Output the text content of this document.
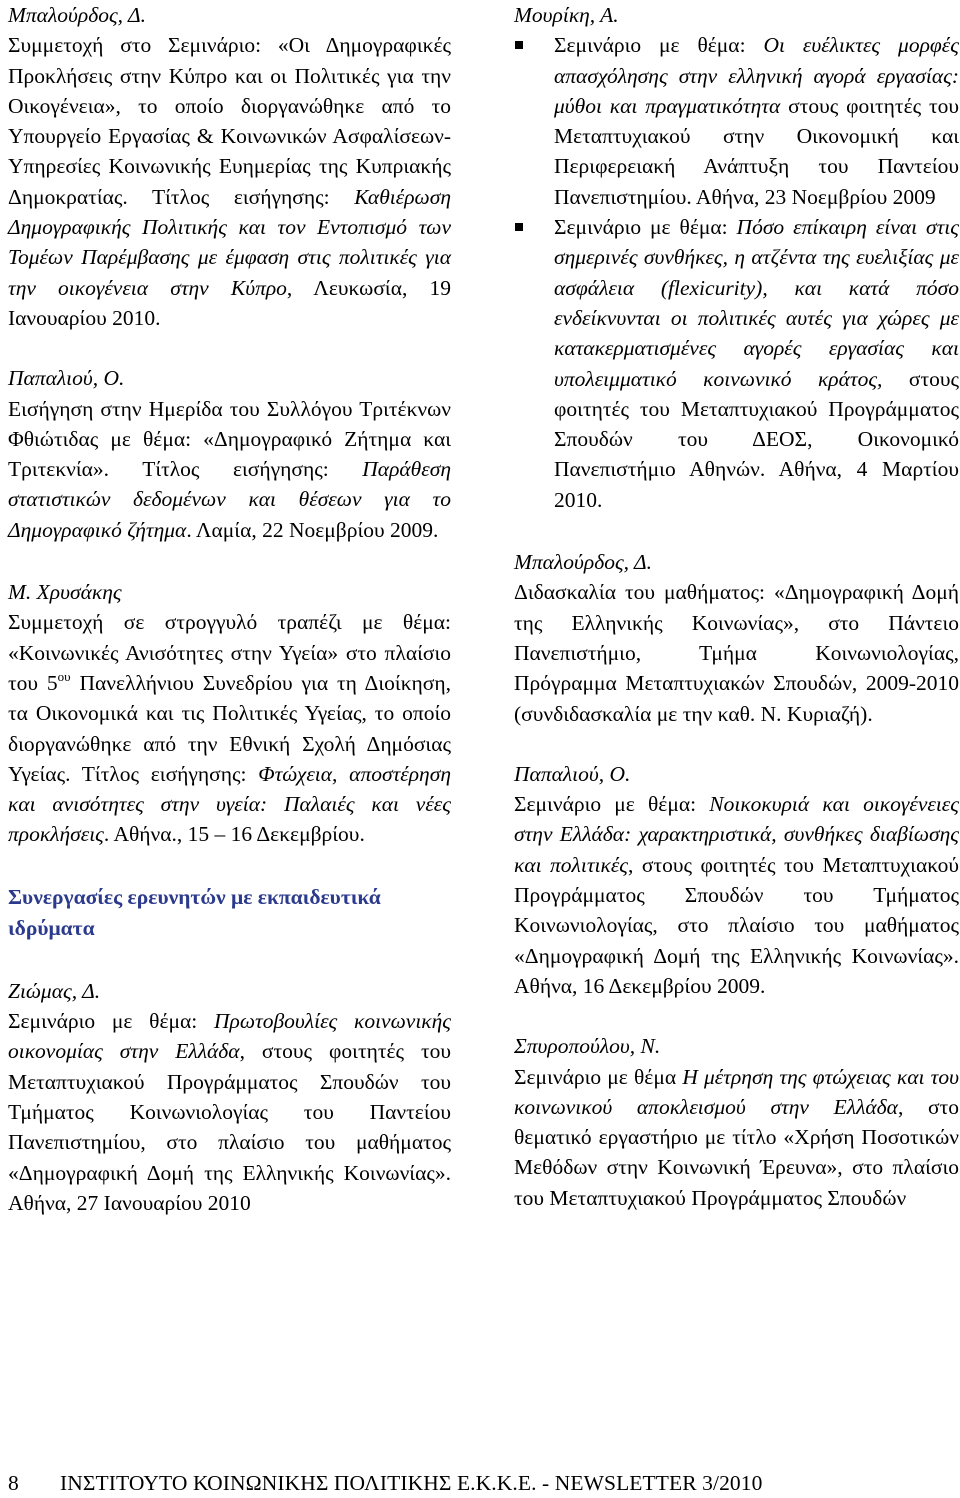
Μπαλούρδος, Δ.

Συμμετοχή στο Σεμινάριο: «Οι Δημογραφικές Προκλήσεις στην Κύπρο και οι Πολιτικές για την Οικογένεια», το οποίο διοργανώθηκε από το Υπουργείο Εργασίας & Κοινωνικών Ασφαλίσεων- Υπηρεσίες Κοινωνικής Ευημερίας της Κυπριακής Δημοκρατίας. Τίτλος εισήγησης: Καθιέρωση Δημογραφικής Πολιτικής και τον Εντοπισμό των Τομέων Παρέμβασης με έμφαση στις πολιτικές για την οικογένεια στην Κύπρο, Λευκωσία, 19 Ιανουαρίου 2010.

Παπαλιού, Ο.

Εισήγηση στην Ημερίδα του Συλλόγου Τριτέκνων Φθιώτιδας με θέμα: «Δημογραφικό Ζήτημα και Τριτεκνία». Τίτλος εισήγησης: Παράθεση στατιστικών δεδομένων και θέσεων για το Δημογραφικό ζήτημα. Λαμία, 22 Νοεμβρίου 2009.

Μ. Χρυσάκης

Συμμετοχή σε στρογγυλό τραπέζι με θέμα: «Κοινωνικές Ανισότητες στην Υγεία» στο πλαίσιο του $5^{o\upsilon}$ Πανελλήνιου Συνεδρίου για τη Διοίκηση, τα Οικονομικά και τις Πολιτικές Υγείας, το οποίο διοργανώθηκε από την Εθνική Σχολή Δημόσιας Υγείας. Τίτλος εισήγησης: Φτώχεια, αποστέρηση και ανισότητες στην υγεία: Παλαιές και νέες προκλήσεις. Αθήνα., 15 – 16 Δεκεμβρίου.

Συνεργασίες ερευνητών με εκπαιδευτικά ιδρύματα

Ζιώμας, Δ.

Σεμινάριο με θέμα: Πρωτοβουλίες κοινωνικής οικονομίας στην Ελλάδα, στους φοιτητές του Μεταπτυχιακού Προγράμματος Σπουδών του Τμήματος Κοινωνιολογίας του Παντείου Πανεπιστημίου, στο πλαίσιο του μαθήματος «Δημογραφική Δομή της Ελληνικής Κοινωνίας». Αθήνα, 27 Ιανουαρίου 2010

Μουρίκη, Α.

Σεμινάριο με θέμα: Οι ευέλικτες μορφές απασχόλησης στην ελληνική αγορά εργασίας: μύθοι και πραγματικότητα στους φοιτητές του Μεταπτυχιακού στην Οικονομική και Περιφερειακή Ανάπτυξη του Παντείου Πανεπιστημίου. Αθήνα, 23 Νοεμβρίου 2009
Σεμινάριο με θέμα: Πόσο επίκαιρη είναι στις σημερινές συνθήκες, η ατζέντα της ευελιξίας με ασφάλεια (flexicurity), και κατά πόσο ενδείκνυνται οι πολιτικές αυτές για χώρες με κατακερματισμένες αγορές εργασίας και υπολειμματικό κοινωνικό κράτος, στους φοιτητές του Μεταπτυχιακού Προγράμματος Σπουδών του ΔΕΟΣ, Οικονομικό Πανεπιστήμιο Αθηνών. Αθήνα, 4 Μαρτίου 2010.

Μπαλούρδος, Δ.

Διδασκαλία του μαθήματος: «Δημογραφική Δομή της Ελληνικής Κοινωνίας», στο Πάντειο Πανεπιστήμιο, Τμήμα Κοινωνιολογίας, Πρόγραμμα Μεταπτυχιακών Σπουδών, 2009-2010 (συνδιδασκαλία με την καθ. Ν. Κυριαζή).

Παπαλιού, Ο.

Σεμινάριο με θέμα: Νοικοκυριά και οικογένειες στην Ελλάδα: χαρακτηριστικά, συνθήκες διαβίωσης και πολιτικές, στους φοιτητές του Μεταπτυχιακού Προγράμματος Σπουδών του Τμήματος Κοινωνιολογίας, στο πλαίσιο του μαθήματος «Δημογραφική Δομή της Ελληνικής Κοινωνίας». Αθήνα, 16 Δεκεμβρίου 2009.

Σπυροπούλου, Ν.

Σεμινάριο με θέμα Η μέτρηση της φτώχειας και του κοινωνικού αποκλεισμού στην Ελλάδα, στο θεματικό εργαστήριο με τίτλο «Χρήση Ποσοτικών Μεθόδων στην Κοινωνική Έρευνα», στο πλαίσιο του Μεταπτυχιακού Προγράμματος Σπουδών

8	ΙΝΣΤΙΤΟΥΤΟ ΚΟΙΝΩΝΙΚΗΣ ΠΟΛΙΤΙΚΗΣ Ε.Κ.Κ.Ε. - NEWSLETTER 3/2010
